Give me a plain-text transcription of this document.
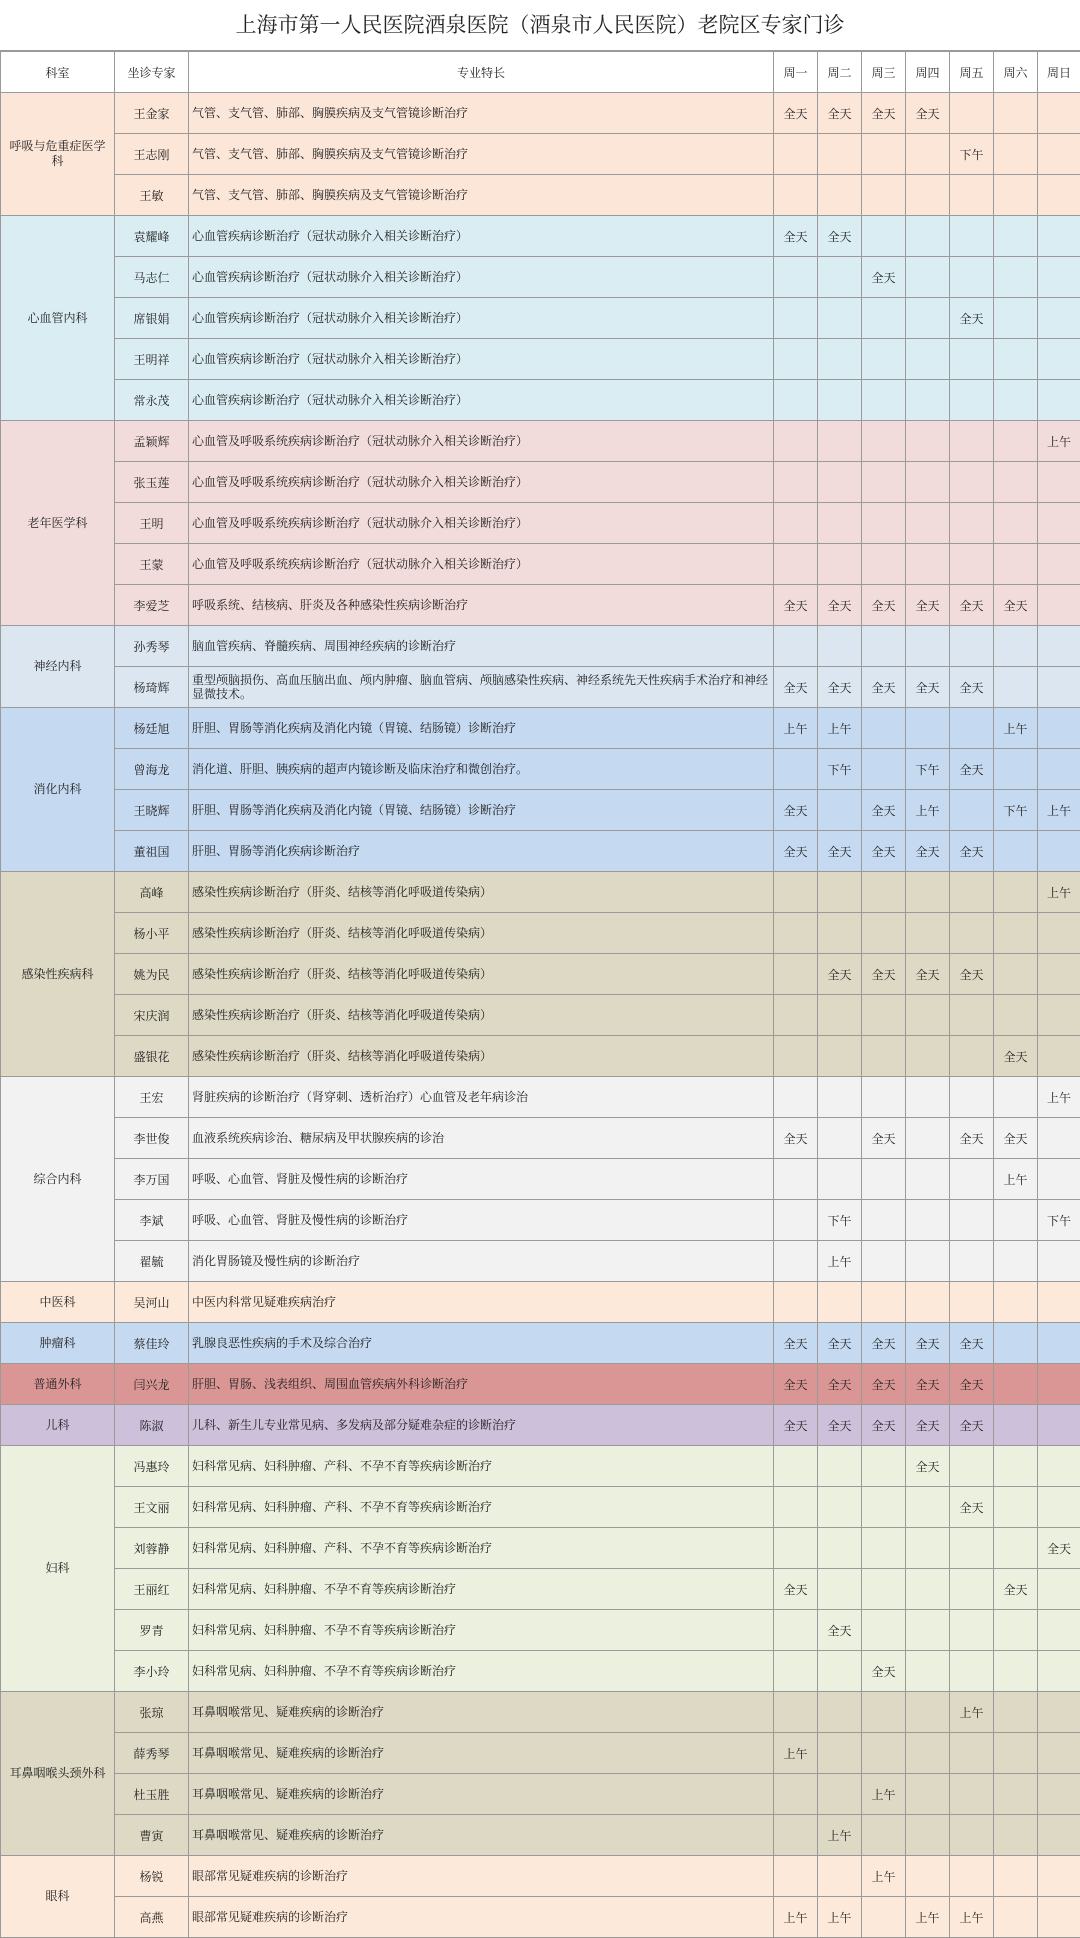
上海市第一人民医院酒泉医院（酒泉市人民医院）老院区专家门诊
科室	坐诊专家	专业特长	周一	周二	周三	周四	周五	周六	周日
呼吸与危重症医学科	王金家	气管、支气管、肺部、胸膜疾病及支气管镜诊断治疗	全天	全天	全天	全天			
	王志刚	气管、支气管、肺部、胸膜疾病及支气管镜诊断治疗					下午		
	王敏	气管、支气管、肺部、胸膜疾病及支气管镜诊断治疗							
心血管内科	袁耀峰	心血管疾病诊断治疗（冠状动脉介入相关诊断治疗）	全天	全天					
	马志仁	心血管疾病诊断治疗（冠状动脉介入相关诊断治疗）			全天				
	席银娟	心血管疾病诊断治疗（冠状动脉介入相关诊断治疗）					全天		
	王明祥	心血管疾病诊断治疗（冠状动脉介入相关诊断治疗）							
	常永茂	心血管疾病诊断治疗（冠状动脉介入相关诊断治疗）							
老年医学科	孟颖辉	心血管及呼吸系统疾病诊断治疗（冠状动脉介入相关诊断治疗）							上午
	张玉莲	心血管及呼吸系统疾病诊断治疗（冠状动脉介入相关诊断治疗）							
	王明	心血管及呼吸系统疾病诊断治疗（冠状动脉介入相关诊断治疗）							
	王蒙	心血管及呼吸系统疾病诊断治疗（冠状动脉介入相关诊断治疗）							
	李爱芝	呼吸系统、结核病、肝炎及各种感染性疾病诊断治疗	全天	全天	全天	全天	全天	全天	
神经内科	孙秀琴	脑血管疾病、脊髓疾病、周围神经疾病的诊断治疗							
	杨琦辉	重型颅脑损伤、高血压脑出血、颅内肿瘤、脑血管病、颅脑感染性疾病、神经系统先天性疾病手术治疗和神经显微技术。	全天	全天	全天	全天	全天		
消化内科	杨廷旭	肝胆、胃肠等消化疾病及消化内镜（胃镜、结肠镜）诊断治疗	上午	上午				上午	
	曾海龙	消化道、肝胆、胰疾病的超声内镜诊断及临床治疗和微创治疗。		下午		下午	全天		
	王晓辉	肝胆、胃肠等消化疾病及消化内镜（胃镜、结肠镜）诊断治疗	全天		全天	上午		下午	上午
	董祖国	肝胆、胃肠等消化疾病诊断治疗	全天	全天	全天	全天	全天		
感染性疾病科	高峰	感染性疾病诊断治疗（肝炎、结核等消化呼吸道传染病）							上午
	杨小平	感染性疾病诊断治疗（肝炎、结核等消化呼吸道传染病）							
	姚为民	感染性疾病诊断治疗（肝炎、结核等消化呼吸道传染病）		全天	全天	全天	全天		
	宋庆润	感染性疾病诊断治疗（肝炎、结核等消化呼吸道传染病）							
	盛银花	感染性疾病诊断治疗（肝炎、结核等消化呼吸道传染病）						全天	
综合内科	王宏	肾脏疾病的诊断治疗（肾穿刺、透析治疗）心血管及老年病诊治							上午
	李世俊	血液系统疾病诊治、糖尿病及甲状腺疾病的诊治	全天		全天		全天	全天	
	李万国	呼吸、心血管、肾脏及慢性病的诊断治疗						上午	
	李斌	呼吸、心血管、肾脏及慢性病的诊断治疗		下午					下午
	翟毓	消化胃肠镜及慢性病的诊断治疗		上午					
中医科	吴河山	中医内科常见疑难疾病治疗							
肿瘤科	蔡佳玲	乳腺良恶性疾病的手术及综合治疗	全天	全天	全天	全天	全天		
普通外科	闫兴龙	肝胆、胃肠、浅表组织、周围血管疾病外科诊断治疗	全天	全天	全天	全天	全天		
儿科	陈淑	儿科、新生儿专业常见病、多发病及部分疑难杂症的诊断治疗	全天	全天	全天	全天	全天		
妇科	冯惠玲	妇科常见病、妇科肿瘤、产科、不孕不育等疾病诊断治疗				全天			
	王文丽	妇科常见病、妇科肿瘤、产科、不孕不育等疾病诊断治疗					全天		
	刘蓉静	妇科常见病、妇科肿瘤、产科、不孕不育等疾病诊断治疗							全天
	王丽红	妇科常见病、妇科肿瘤、不孕不育等疾病诊断治疗	全天					全天	
	罗青	妇科常见病、妇科肿瘤、不孕不育等疾病诊断治疗		全天					
	李小玲	妇科常见病、妇科肿瘤、不孕不育等疾病诊断治疗			全天				
耳鼻咽喉头颈外科	张琼	耳鼻咽喉常见、疑难疾病的诊断治疗					上午		
	薛秀琴	耳鼻咽喉常见、疑难疾病的诊断治疗	上午						
	杜玉胜	耳鼻咽喉常见、疑难疾病的诊断治疗			上午				
	曹寅	耳鼻咽喉常见、疑难疾病的诊断治疗		上午					
眼科	杨锐	眼部常见疑难疾病的诊断治疗			上午				
	高燕	眼部常见疑难疾病的诊断治疗	上午	上午		上午	上午		
